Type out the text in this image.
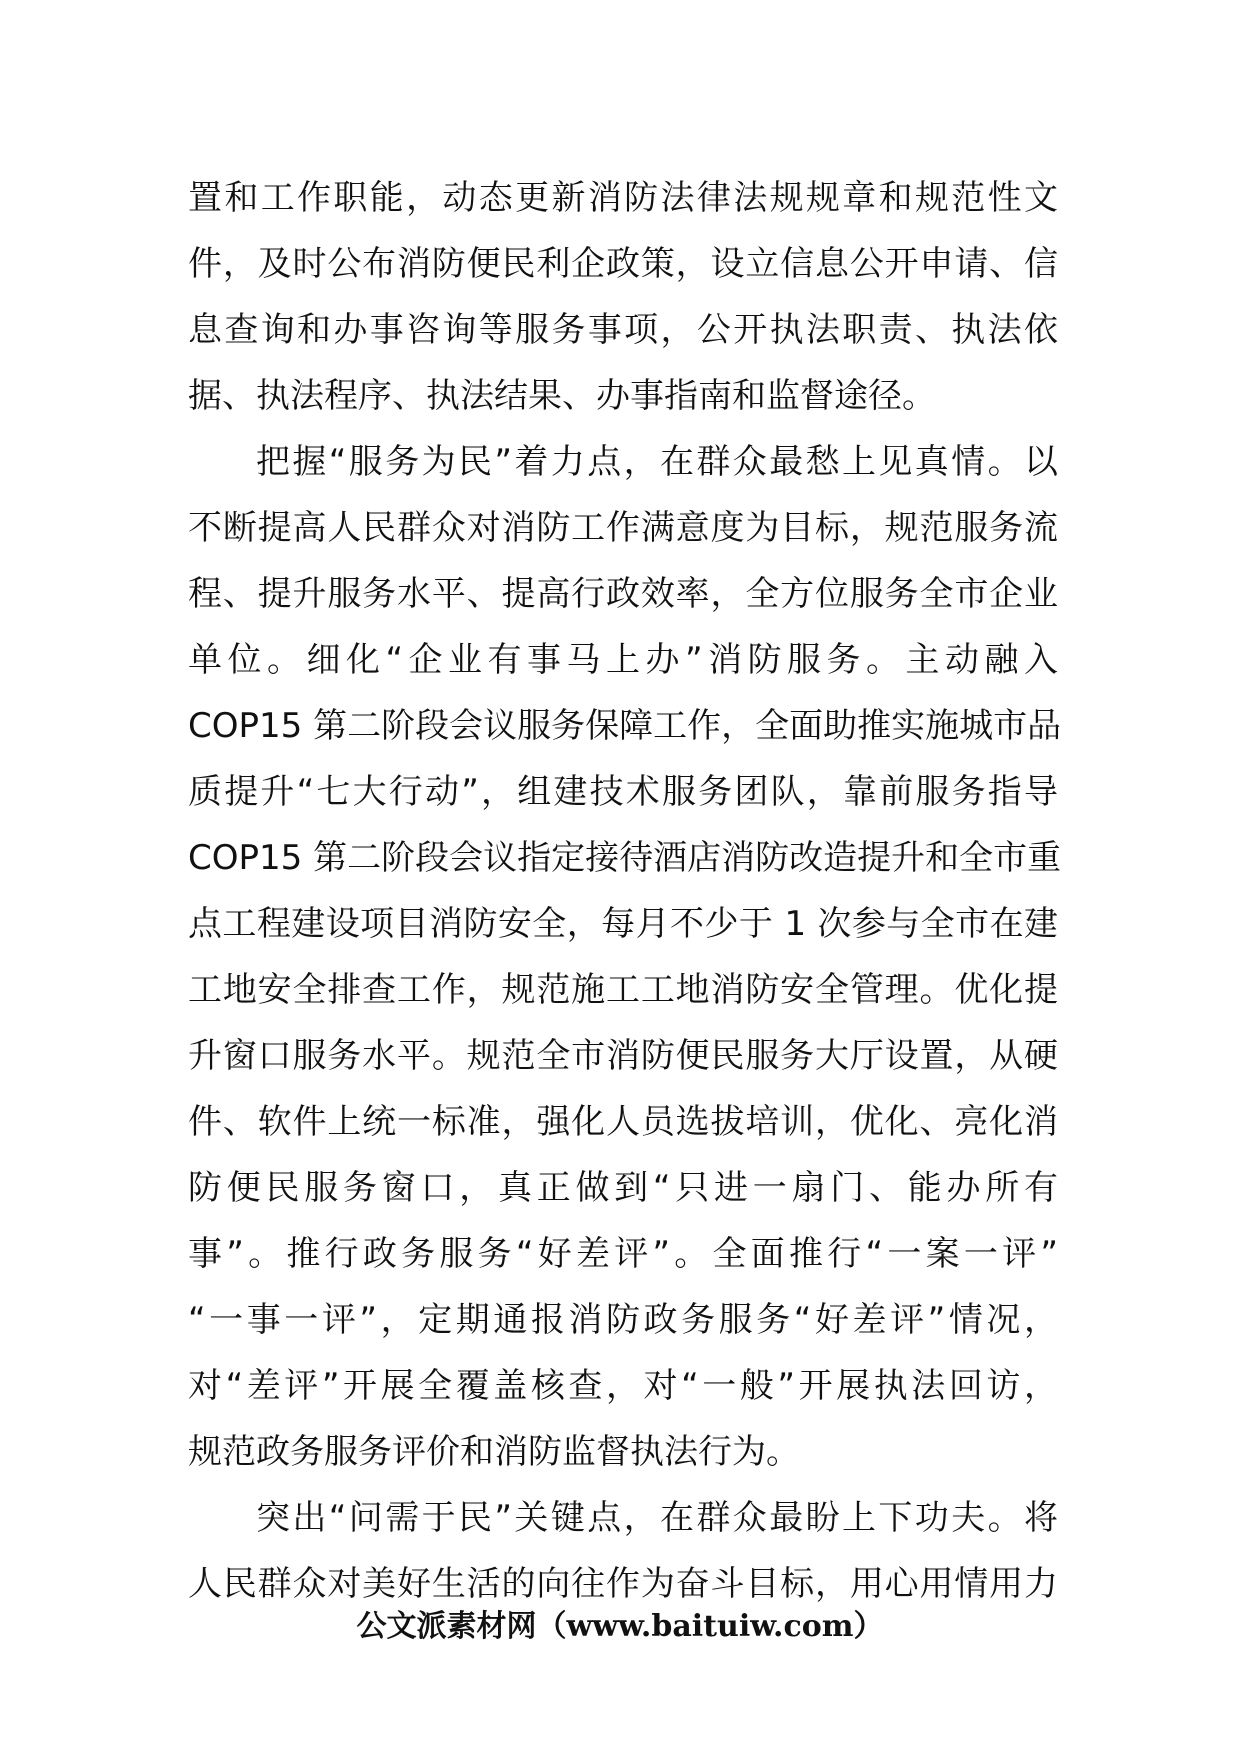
置和工作职能，动态更新消防法律法规规章和规范性文
件，及时公布消防便民利企政策，设立信息公开申请、信
息查询和办事咨询等服务事项，公开执法职责、执法依
据、执法程序、执法结果、办事指南和监督途径。
把握“服务为民”着力点，在群众最愁上见真情。以
不断提高人民群众对消防工作满意度为目标，规范服务流
程、提升服务水平、提高行政效率，全方位服务全市企业
单位。细化“企业有事马上办”消防服务。主动融入
COP15 第二阶段会议服务保障工作，全面助推实施城市品
质提升“七大行动”，组建技术服务团队，靠前服务指导
COP15 第二阶段会议指定接待酒店消防改造提升和全市重
点工程建设项目消防安全，每月不少于 1 次参与全市在建
工地安全排查工作，规范施工工地消防安全管理。优化提
升窗口服务水平。规范全市消防便民服务大厅设置，从硬
件、软件上统一标准，强化人员选拔培训，优化、亮化消
防便民服务窗口，真正做到“只进一扇门、能办所有
事”。推行政务服务“好差评”。全面推行“一案一评”
“一事一评”，定期通报消防政务服务“好差评”情况，
对“差评”开展全覆盖核查，对“一般”开展执法回访，
规范政务服务评价和消防监督执法行为。
突出“问需于民”关键点，在群众最盼上下功夫。将
人民群众对美好生活的向往作为奋斗目标，用心用情用力
公文派素材网（www.baituiw.com）
